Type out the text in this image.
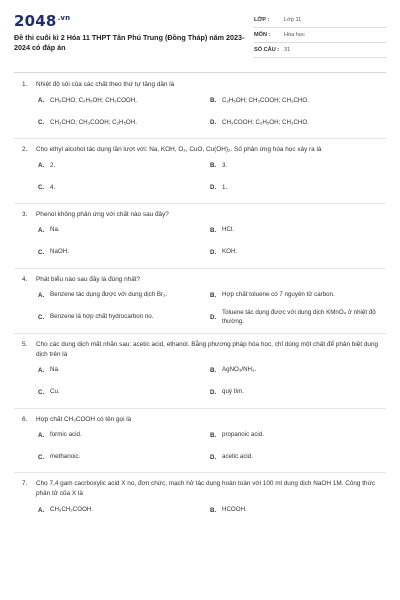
$2048^{.vn}$
Đề thi cuối kì 2 Hóa 11 THPT Tân Phú Trung (Đồng Tháp) năm 2023-2024 có đáp án
LỚP :	Lớp 11
MÔN :	Hóa học
SỐ CÂU : 31
1.	Nhiệt độ sôi của các chất theo thứ tự tăng dần là
A. CH₃CHO; C₂H₅OH; CH₃COOH.	B. C₂H₅OH; CH₃COOH; CH₃CHO.
C. CH₃CHO; CH₃COOH; C₂H₅OH.	D. CH₃COOH; C₂H₅OH; CH₃CHO.
2.	Cho ethyl alcohol tác dụng lần lượt với: Na, KOH, O₂, CuO, Cu(OH)₂. Số phản ứng hóa học xảy ra là
A. 2.	B. 3.
C. 4.	D. 1.
3.	Phenol không phản ứng với chất nào sau đây?
A. Na.	B. HCl.
C. NaOH.	D. KOH.
4.	Phát biểu nào sau đây là đúng nhất?
A. Benzene tác dụng được với dung dịch Br₂.	B. Hợp chất toluene có 7 nguyên tử carbon.
C. Benzene là hợp chất hydrocarbon no.	D.
Toluene tác dụng được với dung dịch KMnO₄ ở nhiệt độ thường.
5.	Cho các dung dịch mất nhãn sau: acetic acid, ethanol. Bằng phương pháp hóa học, chỉ dùng một chất để phân biệt dung dịch trên là
A. Na.	B. AgNO₃/NH₃.
C. Cu.	D. quỳ tím.
6.	Hợp chất CH₃COOH có tên gọi là
A. formic acid.	B. propanoic acid.
C. methanoic.	D. acetic acid.
7.	Cho 7,4 gam cacrboxylic acid X no, đơn chức, mạch hở tác dụng hoàn toàn với 100 ml dung dịch NaOH 1M. Công thức phân tử của X là
A. CH₃CH₂COOH.	B. HCOOH.
